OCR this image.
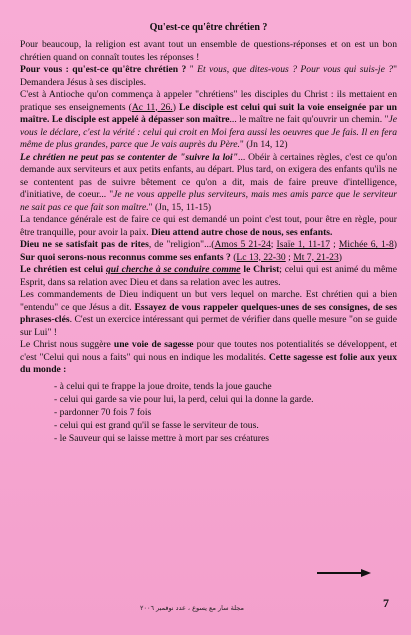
Qu'est-ce qu'être chrétien ?

Pour beaucoup, la religion est avant tout un ensemble de questions-réponses et on est un bon chrétien quand on connaît toutes les réponses !

Pour vous : qu'est-ce qu'être chrétien ? " Et vous, que dites-vous ? Pour vous qui suis-je ?" Demandera Jésus à ses disciples.

C'est à Antioche qu'on commença à appeler "chrétiens" les disciples du Christ : ils mettaient en pratique ses enseignements (Ac 11, 26.) Le disciple est celui qui suit la voie enseignée par un maître. Le disciple est appelé à dépasser son maître... le maître ne fait qu'ouvrir un chemin. "Je vous le déclare, c'est la vérité : celui qui croit en Moi fera aussi les oeuvres que Je fais. Il en fera même de plus grandes, parce que Je vais auprès du Père." (Jn 14, 12)

Le chrétien ne peut pas se contenter de "suivre la loi"... Obéir à certaines règles, c'est ce qu'on demande aux serviteurs et aux petits enfants, au départ. Plus tard, on exigera des enfants qu'ils ne se contentent pas de suivre bêtement ce qu'on a dit, mais de faire preuve d'intelligence, d'initiative, de coeur... "Je ne vous appelle plus serviteurs, mais mes amis parce que le serviteur ne sait pas ce que fait son maître." (Jn, 15, 11-15)

La tendance générale est de faire ce qui est demandé un point c'est tout, pour être en règle, pour être tranquille, pour avoir la paix. Dieu attend autre chose de nous, ses enfants.

Dieu ne se satisfait pas de rites, de "religion"...(Amos 5 21-24; Isaïe 1, 11-17 ; Michée 6, 1-8) Sur quoi serons-nous reconnus comme ses enfants ? (Lc 13, 22-30 ; Mt 7, 21-23)

Le chrétien est celui qui cherche à se conduire comme le Christ; celui qui est animé du même Esprit, dans sa relation avec Dieu et dans sa relation avec les autres.

Les commandements de Dieu indiquent un but vers lequel on marche. Est chrétien qui a bien "entendu" ce que Jésus a dit. Essayez de vous rappeler quelques-unes de ses consignes, de ses phrases-clés. C'est un exercice intéressant qui permet de vérifier dans quelle mesure "on se guide sur Lui" !

Le Christ nous suggère une voie de sagesse pour que toutes nos potentialités se développent, et c'est "Celui qui nous a faits" qui nous en indique les modalités. Cette sagesse est folie aux yeux du monde :

- à celui qui te frappe la joue droite, tends la joue gauche
- celui qui garde sa vie pour lui, la perd, celui qui la donne la garde.
- pardonner 70 fois 7 fois
- celui qui est grand qu'il se fasse le serviteur de tous.
- le Sauveur qui se laisse mettre à mort par ses créatures
مجلة سار مع يسوع ، عدد نوفمبر ٢٠٠٦	7
